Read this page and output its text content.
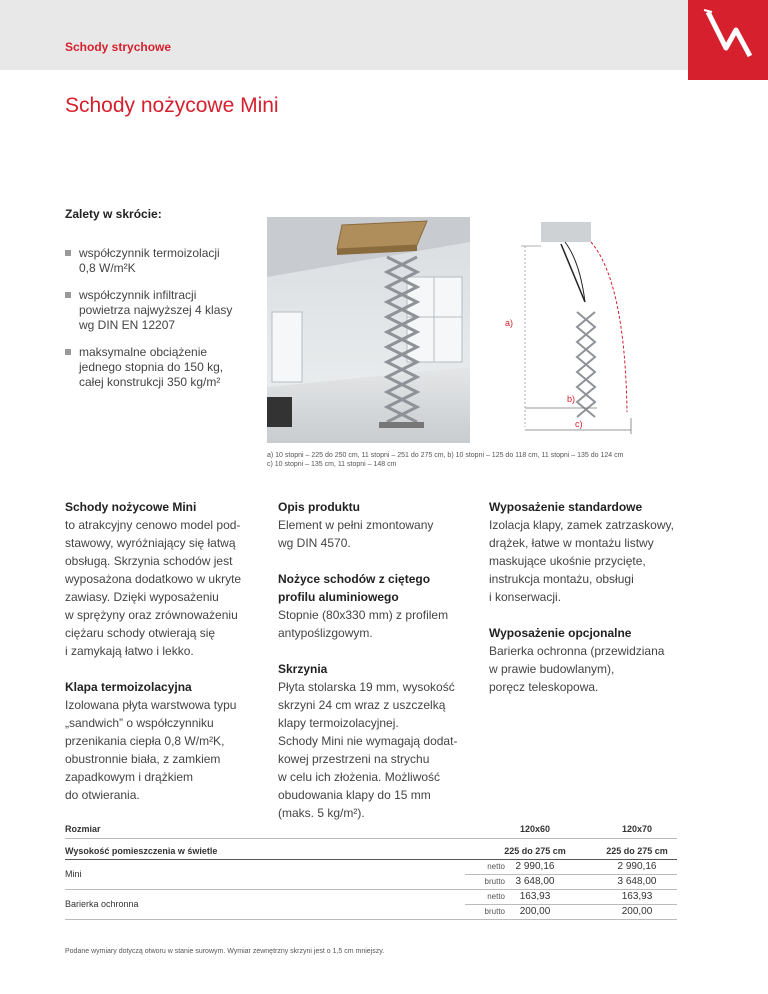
Schody strychowe
Schody nożycowe Mini
Zalety w skrócie:
współczynnik termoizolacji
0,8 W/m²K
współczynnik infiltracji
powietrza najwyższej 4 klasy
wg DIN EN 12207
maksymalne obciążenie
jednego stopnia do 150 kg,
całej konstrukcji 350 kg/m²
a)
b)
c)
a) 10 stopni – 225 do 250 cm, 11 stopni – 251 do 275 cm, b) 10 stopni – 125 do 118 cm, 11 stopni – 135 do 124 cm
c) 10 stopni – 135 cm, 11 stopni – 148 cm
Schody nożycowe Mini

to atrakcyjny cenowo model pod-
stawowy, wyróżniający się łatwą
obsługą. Skrzynia schodów jest
wyposażona dodatkowo w ukryte
zawiasy. Dzięki wyposażeniu
w sprężyny oraz zrównoważeniu
ciężaru schody otwierają się
i zamykają łatwo i lekko.

Klapa termoizolacyjna

Izolowana płyta warstwowa typu
„sandwich” o współczynniku
przenikania ciepła 0,8 W/m²K,
obustronnie biała, z zamkiem
zapadkowym i drążkiem
do otwierania.

Opis produktu

Element w pełni zmontowany
wg DIN 4570.

Nożyce schodów z ciętego
profilu aluminiowego

Stopnie (80x330 mm) z profilem
antypoślizgowym.

Skrzynia

Płyta stolarska 19 mm, wysokość
skrzyni 24 cm wraz z uszczelką
klapy termoizolacyjnej.
Schody Mini nie wymagają dodat-
kowej przestrzeni na strychu
w celu ich złożenia. Możliwość
obudowania klapy do 15 mm
(maks. 5 kg/m²).

Wyposażenie standardowe

Izolacja klapy, zamek zatrzaskowy,
drążek, łatwe w montażu listwy
maskujące ukośnie przycięte,
instrukcja montażu, obsługi
i konserwacji.

Wyposażenie opcjonalne

Barierka ochronna (przewidziana
w prawie budowlanym),
poręcz teleskopowa.

Rozmiar	120x60	120x70
Wysokość pomieszczenia w świetle	225 do 275 cm	225 do 275 cm
Mini
netto	2 990,16	2 990,16
brutto	3 648,00	3 648,00
Barierka ochronna
netto	163,93	163,93
brutto	200,00	200,00
Podane wymiary dotyczą otworu w stanie surowym. Wymiar zewnętrzny skrzyni jest o 1,5 cm mniejszy.
